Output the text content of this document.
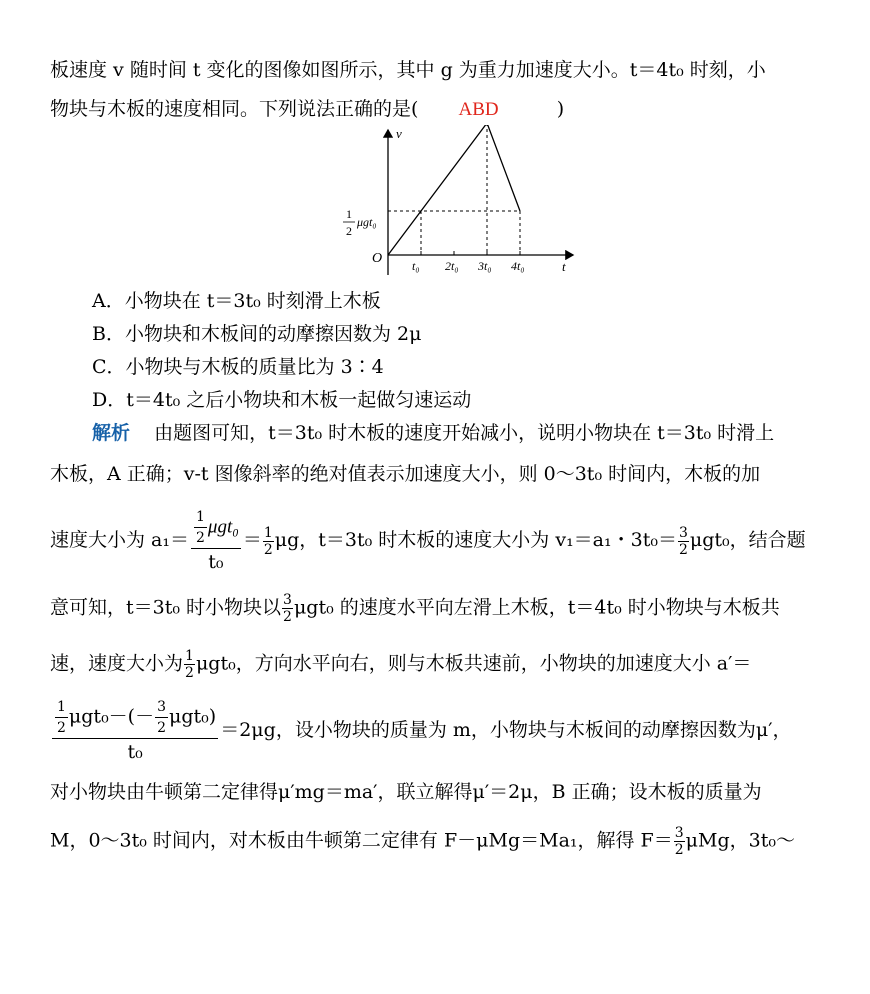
板速度 v 随时间 t 变化的图像如图所示，其中 g 为重力加速度大小。t＝4t₀ 时刻，小
物块与木板的速度相同。下列说法正确的是( ABD	)
v
t
O
1
2
μgt₀
t₀ 2t₀ 3t₀ 4t₀
A．小物块在 t＝3t₀ 时刻滑上木板
B．小物块和木板间的动摩擦因数为 2μ
C．小物块与木板的质量比为 3∶4
D．t＝4t₀ 之后小物块和木板一起做匀速运动
解析 由题图可知，t＝3t₀ 时木板的速度开始减小，说明小物块在 t＝3t₀ 时滑上
木板，A 正确；v-t 图像斜率的绝对值表示加速度大小，则 0～3t₀ 时间内，木板的加
速度大小为 $a_1= \frac{\frac{1}{2} \mu gt_0}{\text{t₀}} = \frac{1}{2}$ μg，t＝3t₀ 时木板的速度大小为 v₁＝a₁・$3t_0= \frac{3}{2} \mu gt_0$，结合题
意可知，t＝3t₀ 时小物块以 $\frac{3}{2} \mu gt_0$ 的速度水平向左滑上木板，t＝4t₀ 时小物块与木板共
速，速度大小为 $\frac{1}{2} \mu gt_0$，方向水平向右，则与木板共速前，小物块的加速度大小 a′＝
$\frac{\frac{1}{2} \mu gt_0-(- \frac{3}{2} \mu gt_0)}{\text{t₀}} =2\mu g$，设小物块的质量为 m，小物块与木板间的动摩擦因数为μ′，
对小物块由牛顿第二定律得μ′mg＝ma′，联立解得μ′＝2μ，B 正确；设木板的质量为
M，0～3t₀ 时间内，对木板由牛顿第二定律有 F－μMg＝Ma₁，解得 $F= \frac{3}{2}$ μMg，3t₀～
